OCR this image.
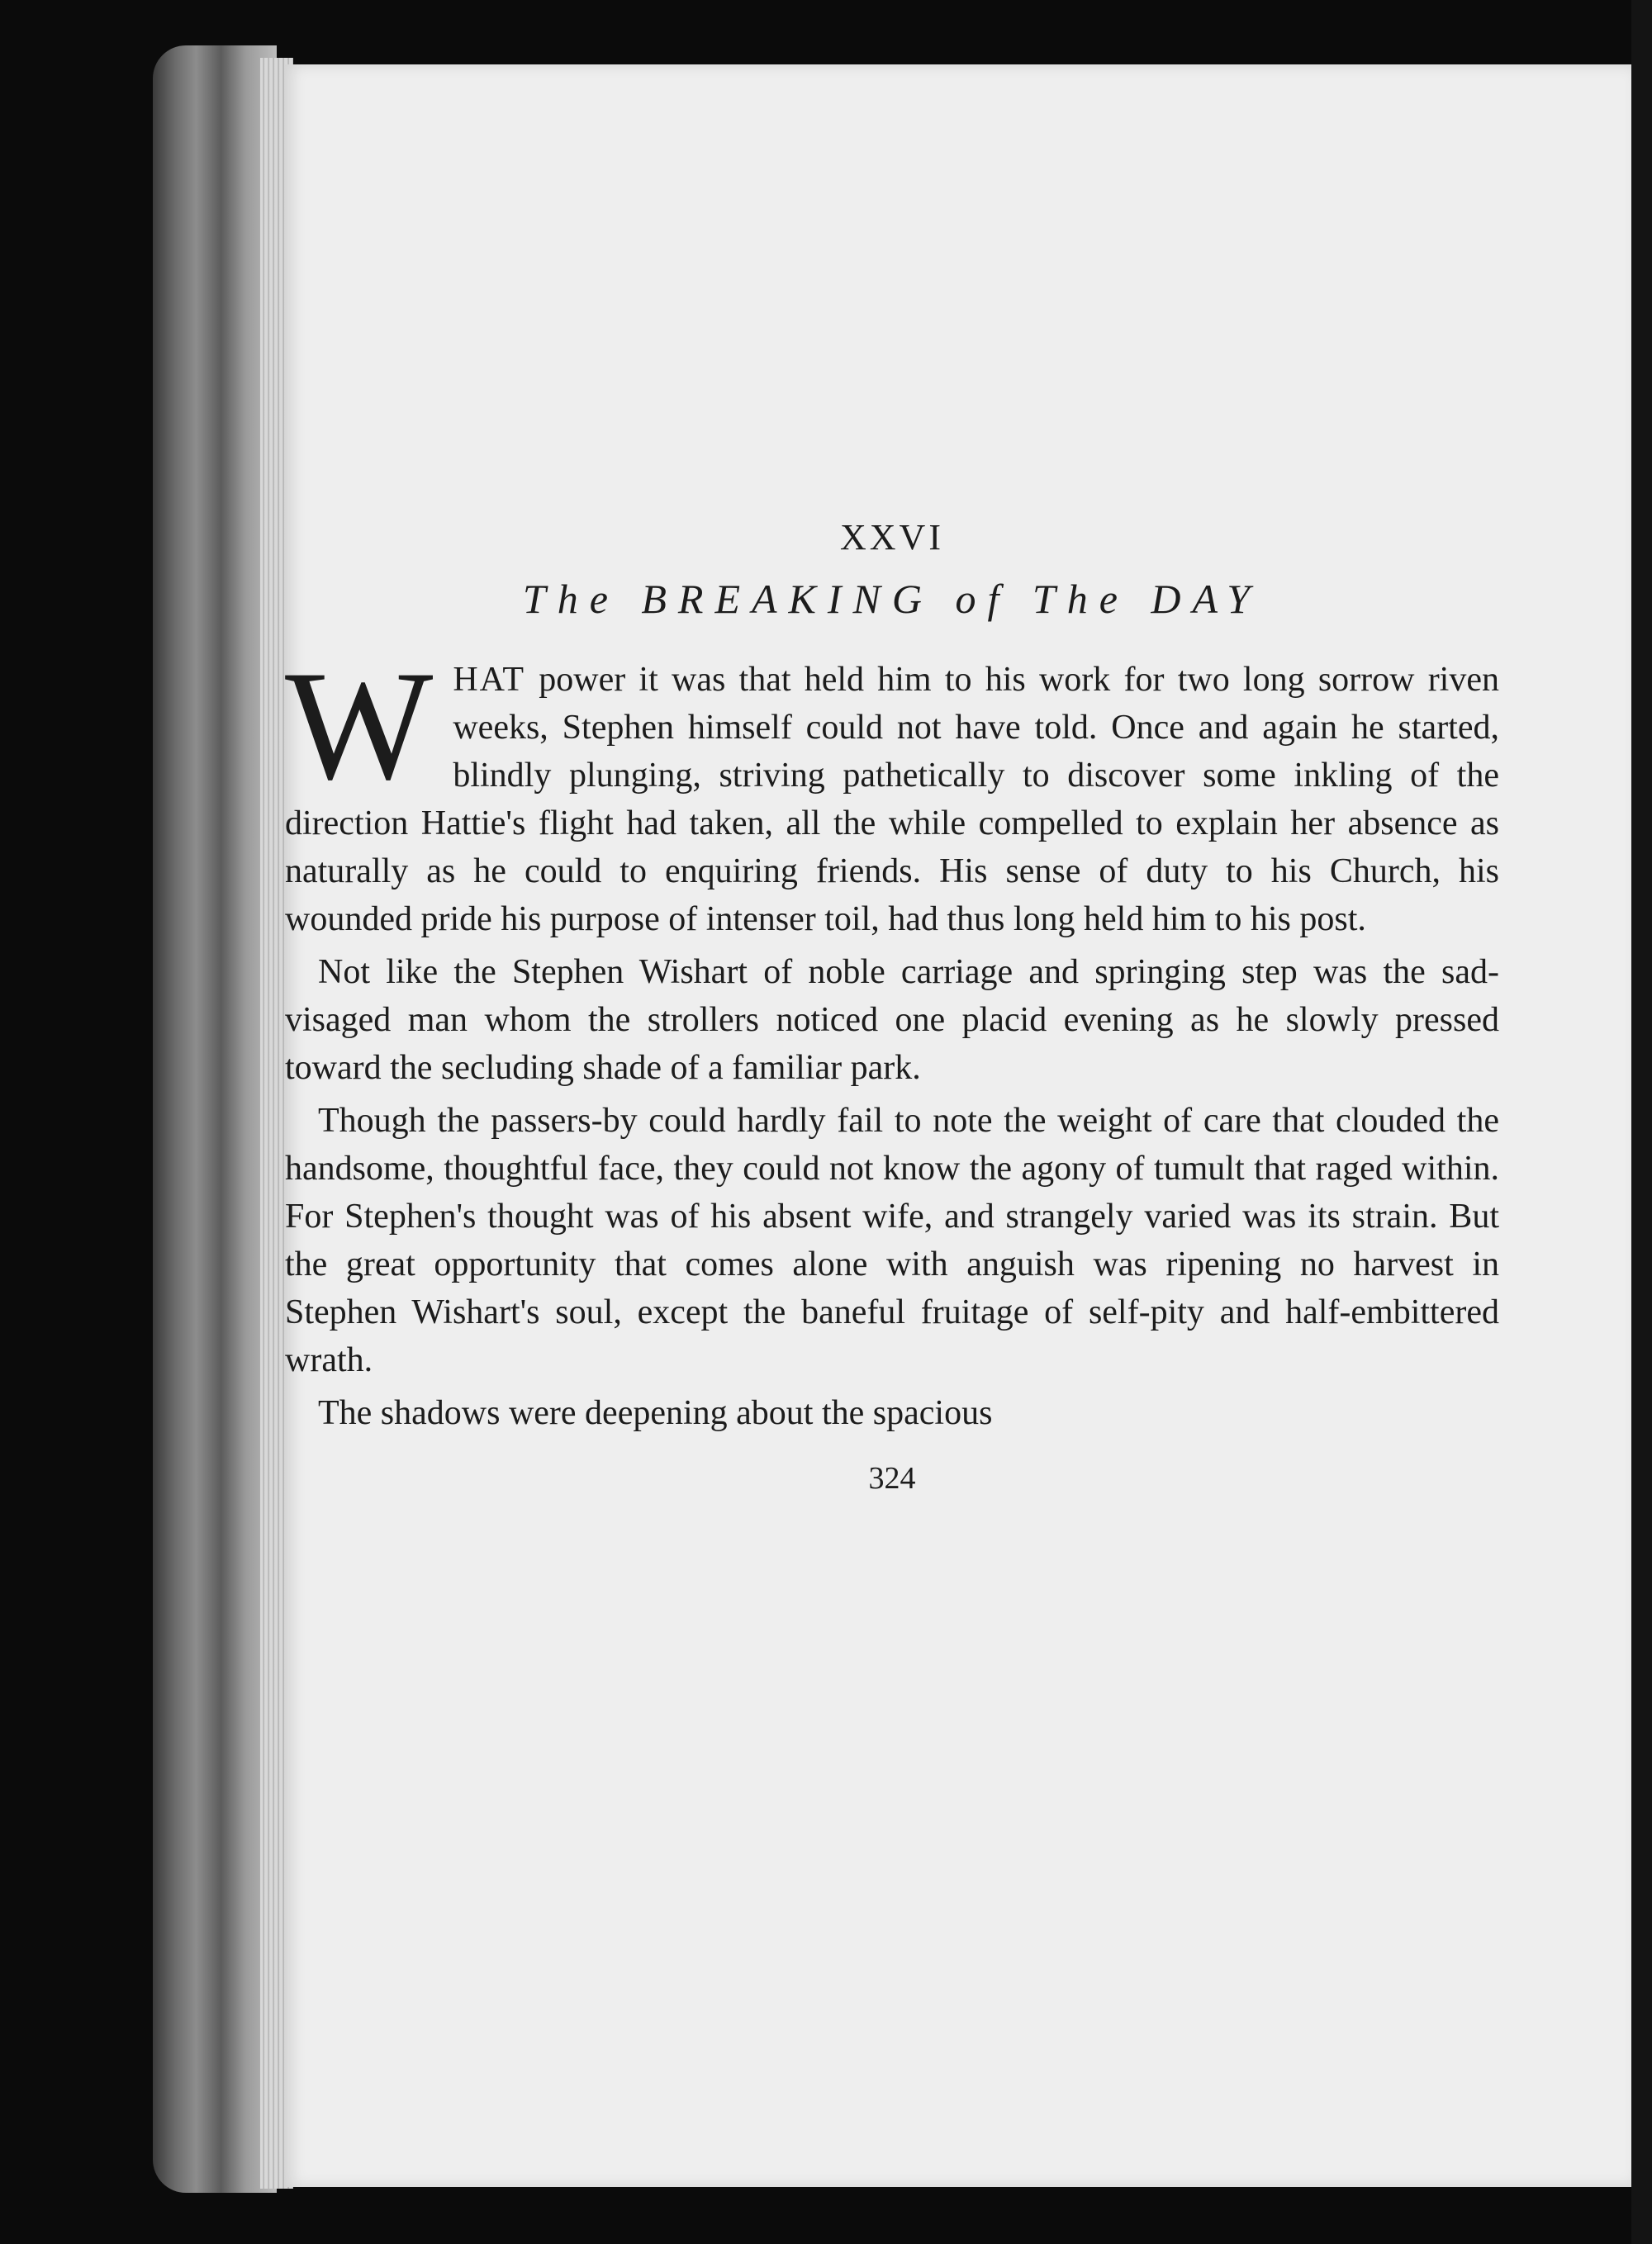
XXVI
The BREAKING of The DAY

WHAT power it was that held him to his work for two long sorrow riven weeks, Stephen himself could not have told. Once and again he started, blindly plunging, striving pathetically to discover some inkling of the direction Hattie's flight had taken, all the while compelled to explain her absence as naturally as he could to enquiring friends. His sense of duty to his Church, his wounded pride his purpose of intenser toil, had thus long held him to his post.

Not like the Stephen Wishart of noble carriage and springing step was the sad-visaged man whom the strollers noticed one placid evening as he slowly pressed toward the secluding shade of a familiar park.

Though the passers-by could hardly fail to note the weight of care that clouded the handsome, thoughtful face, they could not know the agony of tumult that raged within. For Stephen's thought was of his absent wife, and strangely varied was its strain. But the great opportunity that comes alone with anguish was ripening no harvest in Stephen Wishart's soul, except the baneful fruitage of self-pity and half-embittered wrath.

The shadows were deepening about the spacious

324
